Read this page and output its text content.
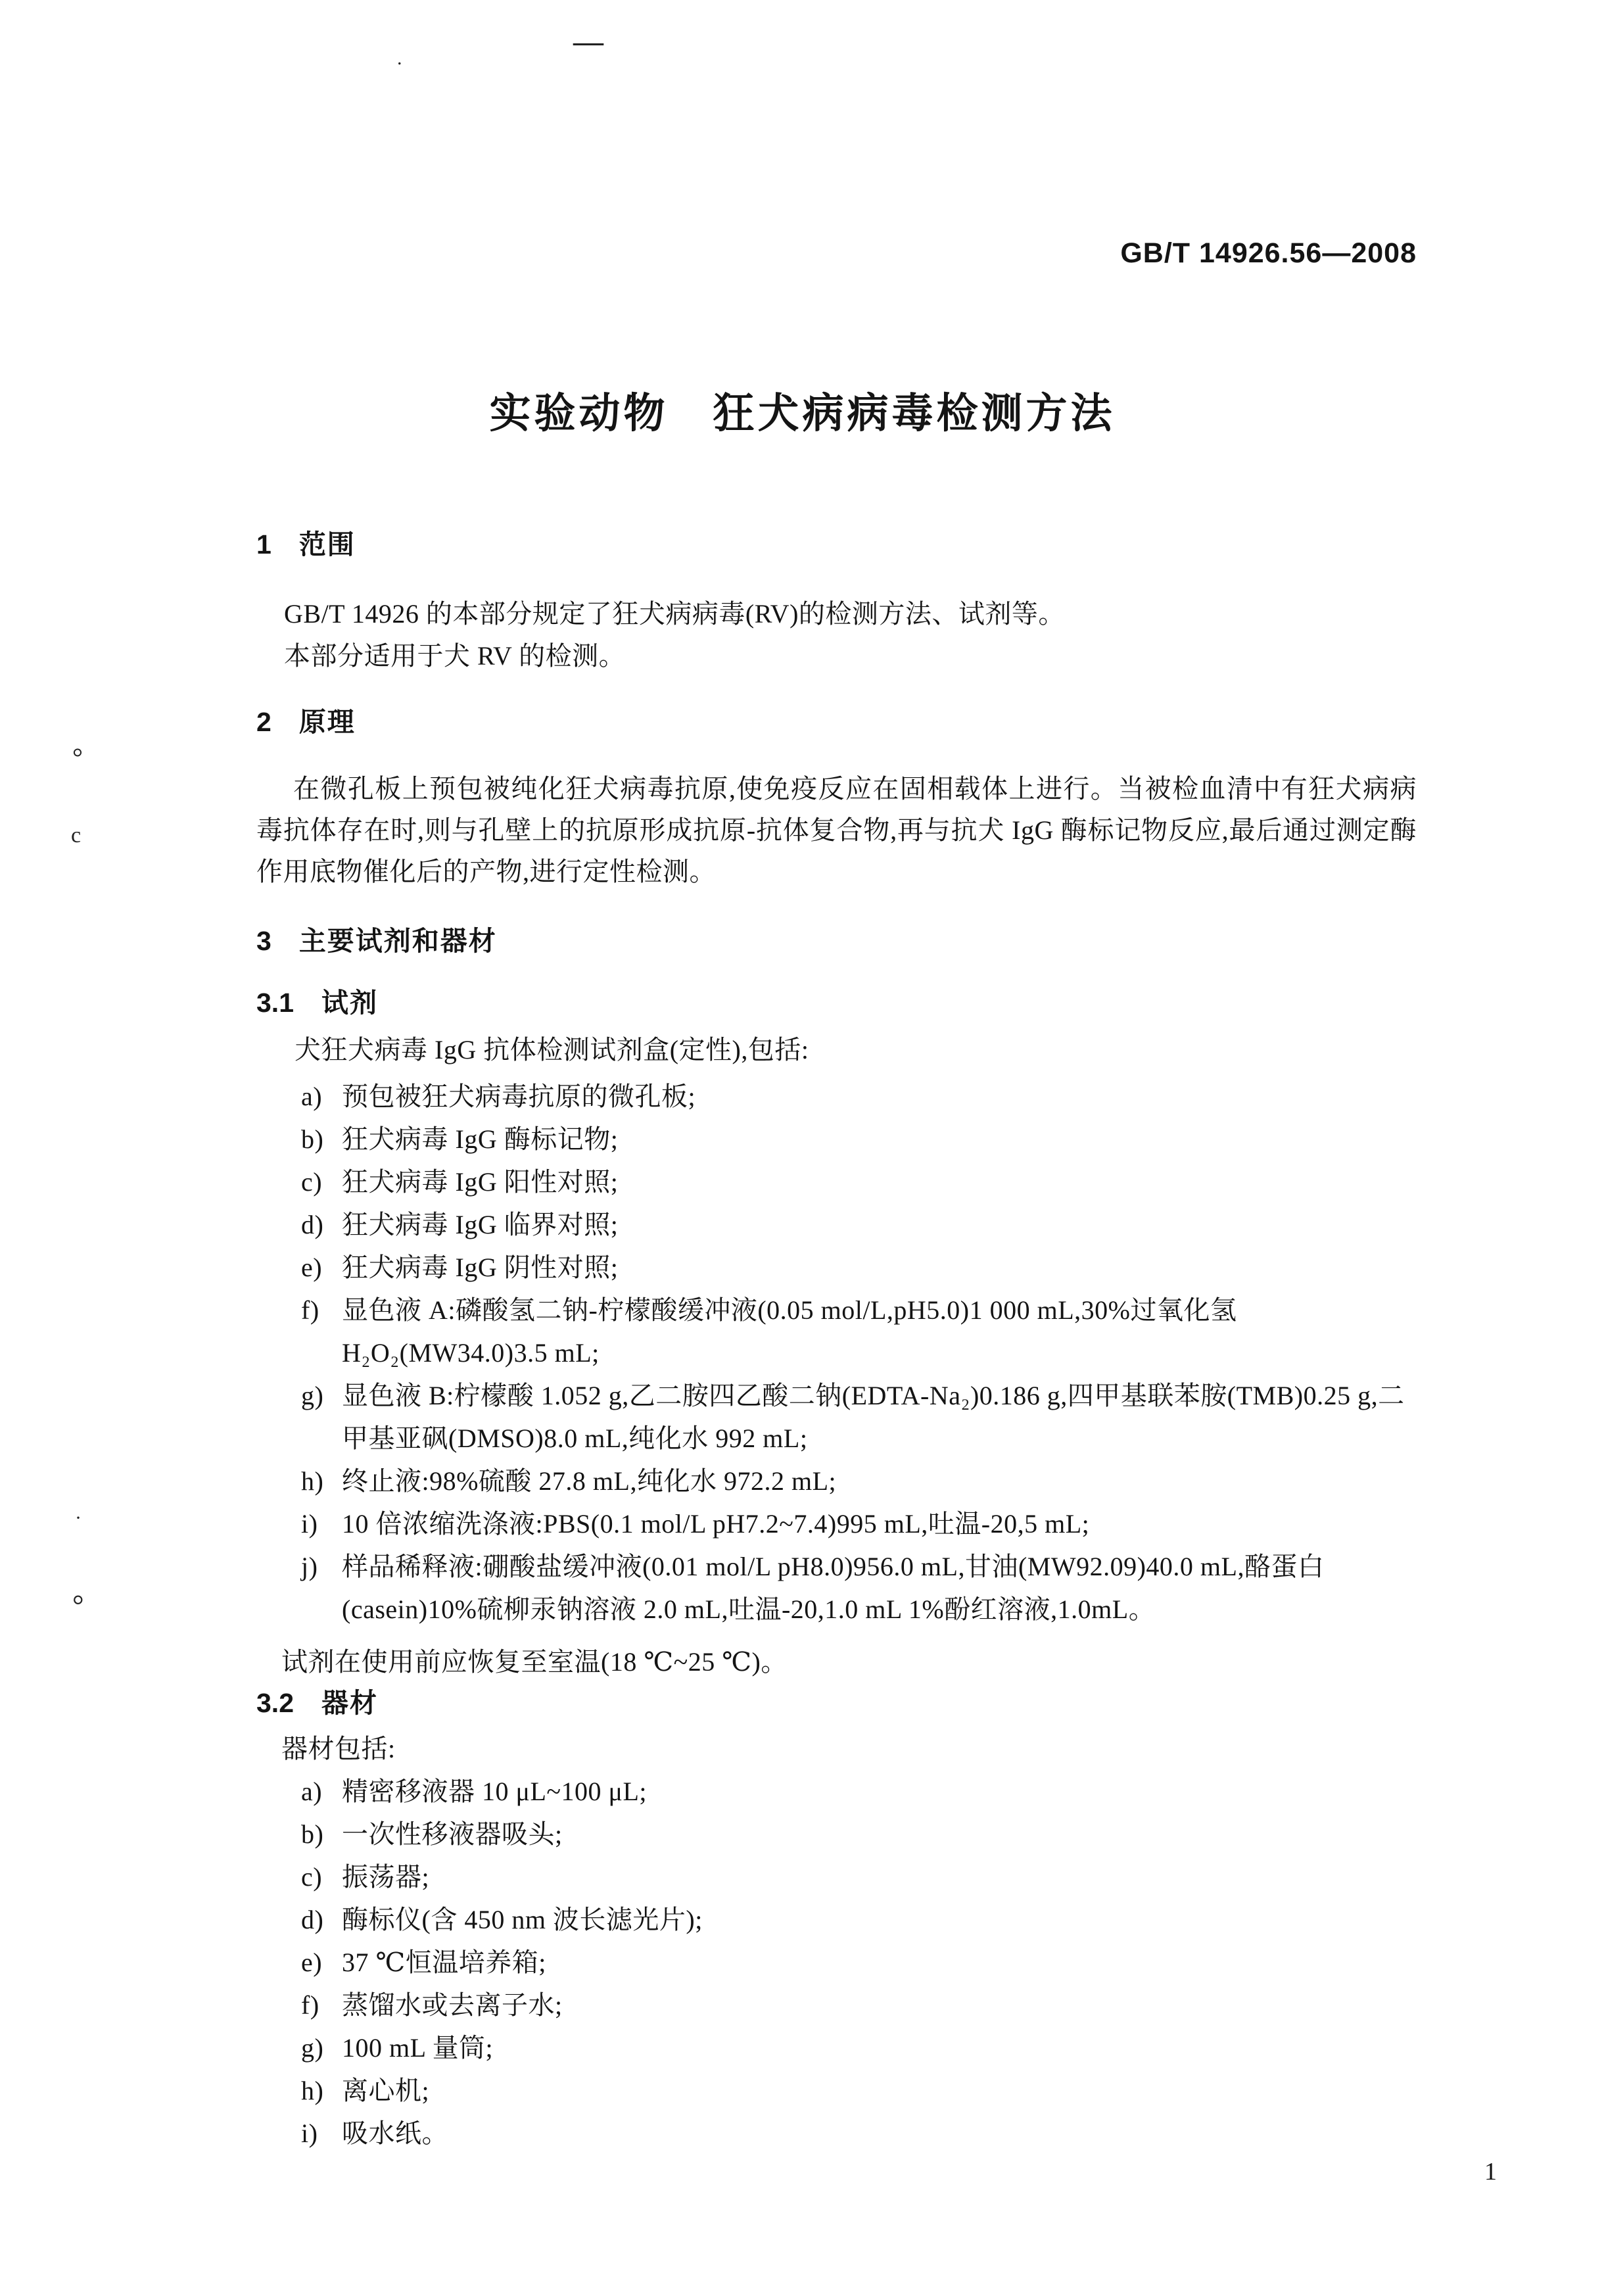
—
.
°
c
·
°
GB/T 14926.56—2008
实验动物　狂犬病病毒检测方法
1 范围

GB/T 14926 的本部分规定了狂犬病病毒(RV)的检测方法、试剂等。

本部分适用于犬 RV 的检测。

2 原理
在微孔板上预包被纯化狂犬病毒抗原,使免疫反应在固相载体上进行。当被检血清中有狂犬病病毒抗体存在时,则与孔壁上的抗原形成抗原-抗体复合物,再与抗犬 IgG 酶标记物反应,最后通过测定酶作用底物催化后的产物,进行定性检测。
3 主要试剂和器材
3.1 试剂
犬狂犬病毒 IgG 抗体检测试剂盒(定性),包括:
a) 预包被狂犬病毒抗原的微孔板;
b) 狂犬病毒 IgG 酶标记物;
c) 狂犬病毒 IgG 阳性对照;
d) 狂犬病毒 IgG 临界对照;
e) 狂犬病毒 IgG 阴性对照;
f) 显色液 A:磷酸氢二钠-柠檬酸缓冲液(0.05 mol/L,pH5.0)1 000 mL,30%过氧化氢 H₂O₂(MW34.0)3.5 mL;
g) 显色液 B:柠檬酸 1.052 g,乙二胺四乙酸二钠(EDTA-Na₂)0.186 g,四甲基联苯胺(TMB)0.25 g,二甲基亚砜(DMSO)8.0 mL,纯化水 992 mL;
h) 终止液:98%硫酸 27.8 mL,纯化水 972.2 mL;
i) 10 倍浓缩洗涤液:PBS(0.1 mol/L pH7.2~7.4)995 mL,吐温-20,5 mL;
j) 样品稀释液:硼酸盐缓冲液(0.01 mol/L pH8.0)956.0 mL,甘油(MW92.09)40.0 mL,酪蛋白(casein)10%硫柳汞钠溶液 2.0 mL,吐温-20,1.0 mL 1%酚红溶液,1.0mL。
试剂在使用前应恢复至室温(18 ℃~25 ℃)。
3.2 器材
器材包括:
a) 精密移液器 10 μL~100 μL;
b) 一次性移液器吸头;
c) 振荡器;
d) 酶标仪(含 450 nm 波长滤光片);
e) 37 ℃恒温培养箱;
f) 蒸馏水或去离子水;
g) 100 mL 量筒;
h) 离心机;
i) 吸水纸。
1
